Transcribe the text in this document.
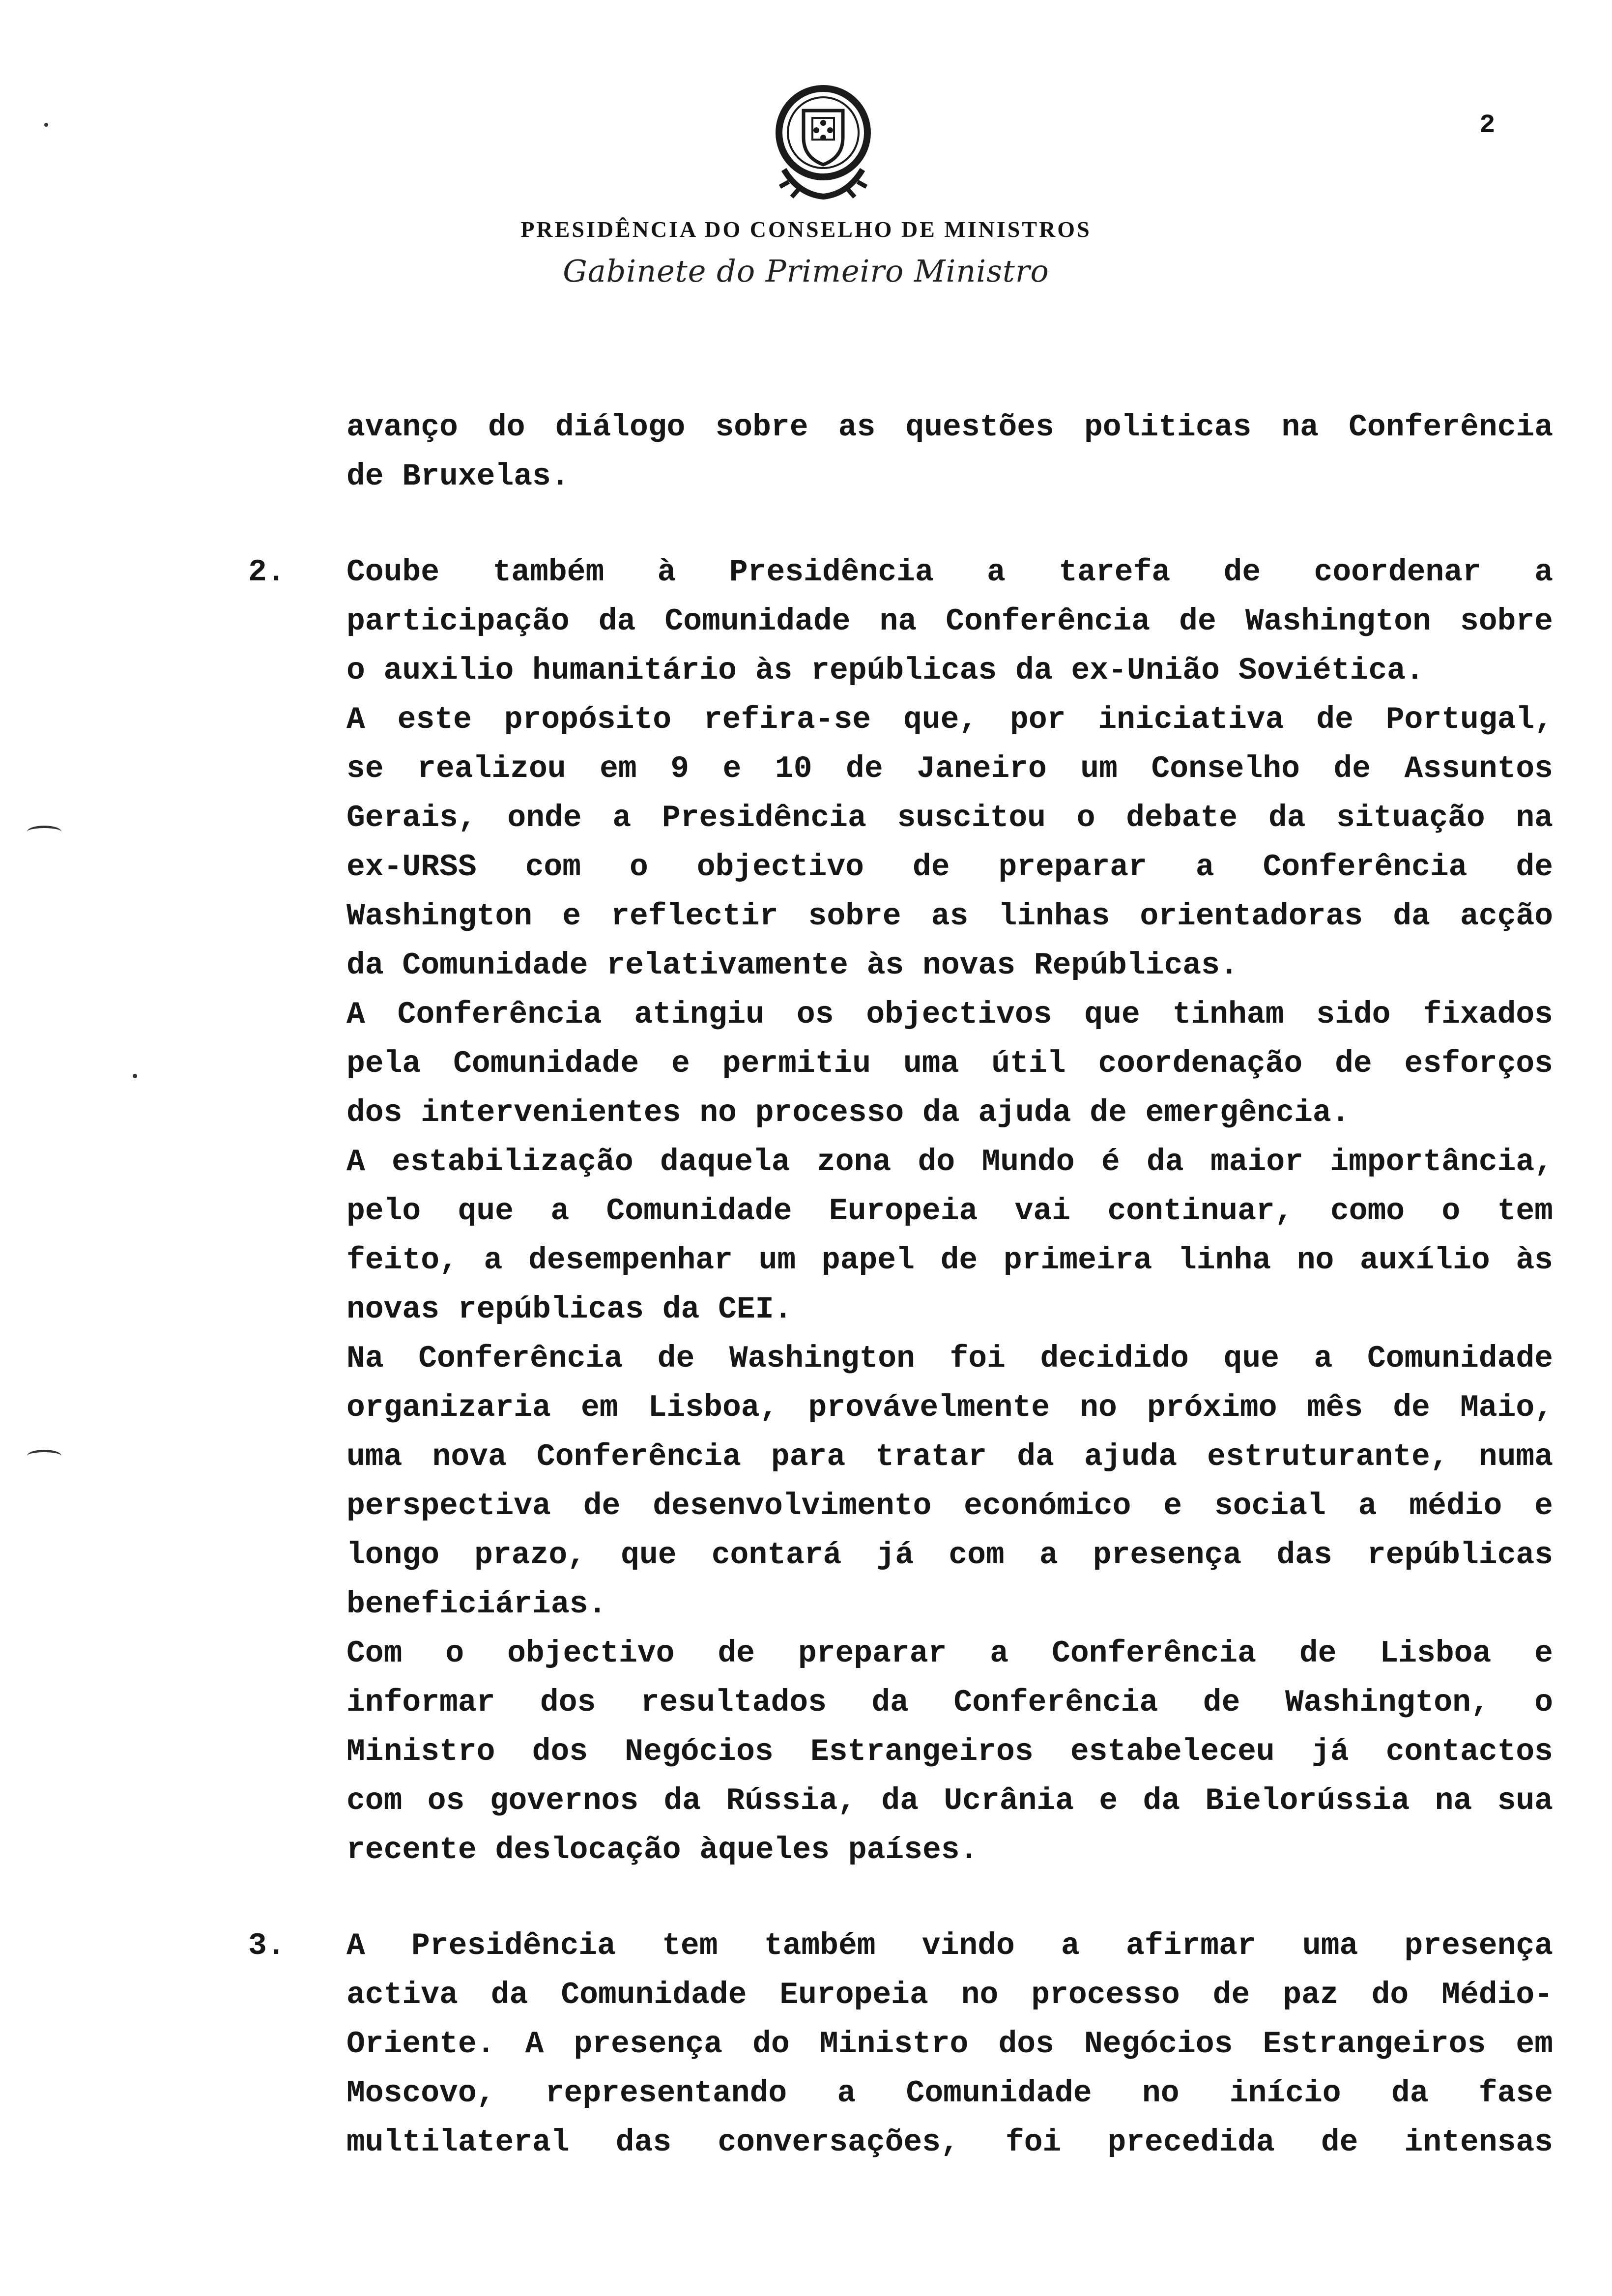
2
PRESIDÊNCIA DO CONSELHO DE MINISTROS
Gabinete do Primeiro Ministro
avanço do diálogo sobre as questões politicas na Conferência
de Bruxelas.
2. Coube também à Presidência a tarefa de coordenar a
participação da Comunidade na Conferência de Washington sobre
o auxilio humanitário às repúblicas da ex-União Soviética.
A este propósito refira-se que, por iniciativa de Portugal,
se realizou em 9 e 10 de Janeiro um Conselho de Assuntos
Gerais, onde a Presidência suscitou o debate da situação na
ex-URSS com o objectivo de preparar a Conferência de
Washington e reflectir sobre as linhas orientadoras da acção
da Comunidade relativamente às novas Repúblicas.
A Conferência atingiu os objectivos que tinham sido fixados
pela Comunidade e permitiu uma útil coordenação de esforços
dos intervenientes no processo da ajuda de emergência.
A estabilização daquela zona do Mundo é da maior importância,
pelo que a Comunidade Europeia vai continuar, como o tem
feito, a desempenhar um papel de primeira linha no auxílio às
novas repúblicas da CEI.
Na Conferência de Washington foi decidido que a Comunidade
organizaria em Lisboa, provávelmente no próximo mês de Maio,
uma nova Conferência para tratar da ajuda estruturante, numa
perspectiva de desenvolvimento económico e social a médio e
longo prazo, que contará já com a presença das repúblicas
beneficiárias.
Com o objectivo de preparar a Conferência de Lisboa e
informar dos resultados da Conferência de Washington, o
Ministro dos Negócios Estrangeiros estabeleceu já contactos
com os governos da Rússia, da Ucrânia e da Bielorússia na sua
recente deslocação àqueles países.
3. A Presidência tem também vindo a afirmar uma presença
activa da Comunidade Europeia no processo de paz do Médio-
Oriente. A presença do Ministro dos Negócios Estrangeiros em
Moscovo, representando a Comunidade no início da fase
multilateral das conversações, foi precedida de intensas
